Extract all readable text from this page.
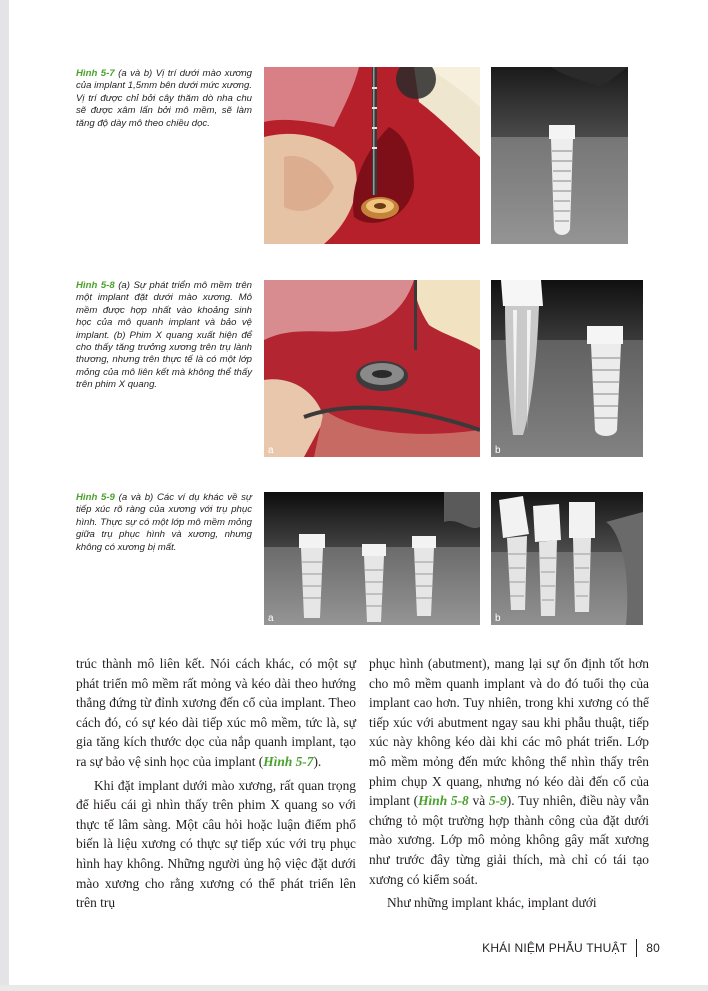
Hình 5-7 (a và b) Vị trí dưới mào xương của implant 1,5mm bên dưới mức xương. Vị trí được chỉ bởi cây thăm dò nha chu sẽ được xâm lấn bởi mô mềm, sẽ làm tăng độ dày mô theo chiều dọc.
Hình 5-8 (a) Sự phát triển mô mềm trên một implant đặt dưới mào xương. Mô mềm được hợp nhất vào khoảng sinh học của mô quanh implant và bảo vệ implant. (b) Phim X quang xuất hiện để cho thấy tăng trưởng xương trên trụ lành thương, nhưng trên thực tế là có một lớp mỏng của mô liên kết mà không thể thấy trên phim X quang.
a	b
Hình 5-9 (a và b) Các ví dụ khác về sự tiếp xúc rõ ràng của xương với trụ phục hình. Thực sự có một lớp mô mềm mỏng giữa trụ phục hình và xương, nhưng không có xương bị mất.
a	b

trúc thành mô liên kết. Nói cách khác, có một sự phát triển mô mềm rất mỏng và kéo dài theo hướng thẳng đứng từ đỉnh xương đến cổ của implant. Theo cách đó, có sự kéo dài tiếp xúc mô mềm, tức là, sự gia tăng kích thước dọc của nắp quanh implant, tạo ra sự bảo vệ sinh học của implant (Hình 5-7).

Khi đặt implant dưới mào xương, rất quan trọng để hiểu cái gì nhìn thấy trên phim X quang so với thực tế lâm sàng. Một câu hỏi hoặc luận điểm phổ biến là liệu xương có thực sự tiếp xúc với trụ phục hình hay không. Những người ủng hộ việc đặt dưới mào xương cho rằng xương có thể phát triển lên trên trụ

phục hình (abutment), mang lại sự ổn định tốt hơn cho mô mềm quanh implant và do đó tuổi thọ của implant cao hơn. Tuy nhiên, trong khi xương có thể tiếp xúc với abutment ngay sau khi phẫu thuật, tiếp xúc này không kéo dài khi các mô phát triển. Lớp mô mềm mỏng đến mức không thể nhìn thấy trên phim chụp X quang, nhưng nó kéo dài đến cổ của implant (Hình 5-8 và 5-9). Tuy nhiên, điều này vẫn chứng tỏ một trường hợp thành công của đặt dưới mào xương. Lớp mô mỏng không gây mất xương như trước đây từng giải thích, mà chỉ có tái tạo xương có kiểm soát.

Như những implant khác, implant dưới

KHÁI NIỆM PHẪU THUẬT 80
